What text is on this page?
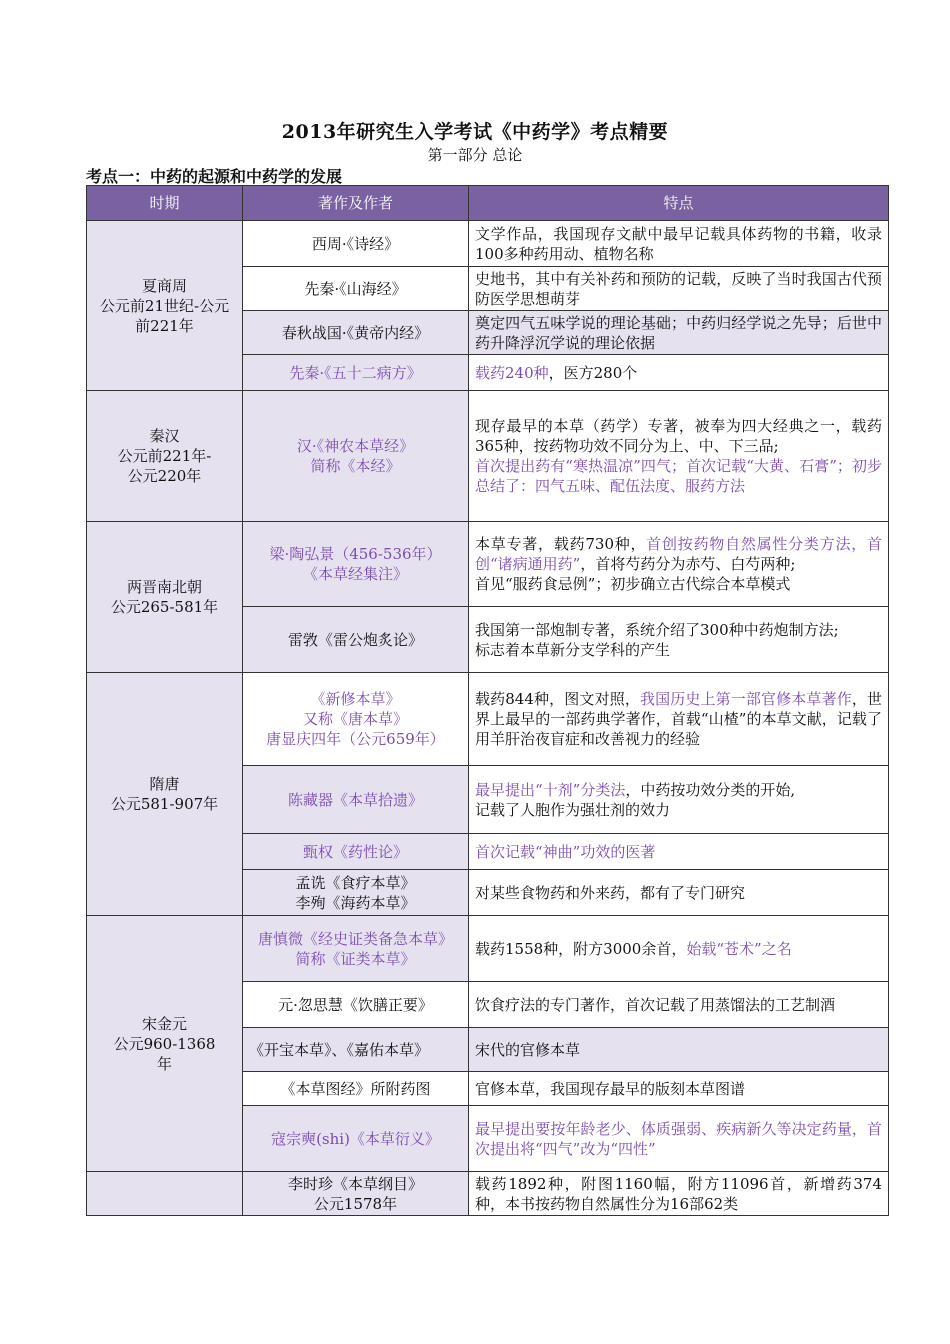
2013年研究生入学考试《中药学》考点精要
第一部分 总论
考点一：中药的起源和中药学的发展
时期	著作及作者	特点

夏商周
公元前21世纪-公元前221年	西周·《诗经》	文学作品，我国现存文献中最早记载具体药物的书籍，收录100多种药用动、植物名称
	先秦·《山海经》	史地书，其中有关补药和预防的记载，反映了当时我国古代预防医学思想萌芽
	春秋战国·《黄帝内经》	奠定四气五味学说的理论基础；中药归经学说之先导；后世中药升降浮沉学说的理论依据
	先秦·《五十二病方》	载药240种，医方280个

秦汉
公元前221年-
公元220年	汉·《神农本草经》
简称《本经》	现存最早的本草（药学）专著，被奉为四大经典之一，载药365种，按药物功效不同分为上、中、下三品;
首次提出药有“寒热温凉”四气；首次记载“大黄、石膏”；初步总结了：四气五味、配伍法度、服药方法

两晋南北朝
公元265-581年	梁·陶弘景（456-536年）
《本草经集注》	本草专著，载药730种，首创按药物自然属性分类方法，首创“诸病通用药”，首将芍药分为赤芍、白芍两种;
首见“服药食忌例”；初步确立古代综合本草模式
	雷敩《雷公炮炙论》	我国第一部炮制专著，系统介绍了300种中药炮制方法;
标志着本草新分支学科的产生

隋唐
公元581-907年	《新修本草》
又称《唐本草》
唐显庆四年（公元659年）	载药844种，图文对照，我国历史上第一部官修本草著作，世界上最早的一部药典学著作，首载“山楂”的本草文献，记载了用羊肝治夜盲症和改善视力的经验
	陈藏器《本草拾遗》	最早提出“十剂”分类法，中药按功效分类的开始,
记载了人胞作为强壮剂的效力
	甄权《药性论》	首次记载“神曲”功效的医著

	孟诜《食疗本草》
李殉《海药本草》	对某些食物药和外来药，都有了专门研究

宋金元
公元960-1368
年	唐慎微《经史证类备急本草》
简称《证类本草》	载药1558种，附方3000余首，始载“苍术”之名
	元·忽思慧《饮膳正要》	饮食疗法的专门著作，首次记载了用蒸馏法的工艺制酒
	《开宝本草》、《嘉佑本草》	宋代的官修本草
	《本草图经》所附药图	官修本草，我国现存最早的版刻本草图谱
	寇宗奭(shi)《本草衍义》	最早提出要按年龄老少、体质强弱、疾病新久等决定药量，首次提出将“四气”改为“四性”

	李时珍《本草纲目》
公元1578年	载药1892种，附图1160幅，附方11096首，新增药374种，本书按药物自然属性分为16部62类
